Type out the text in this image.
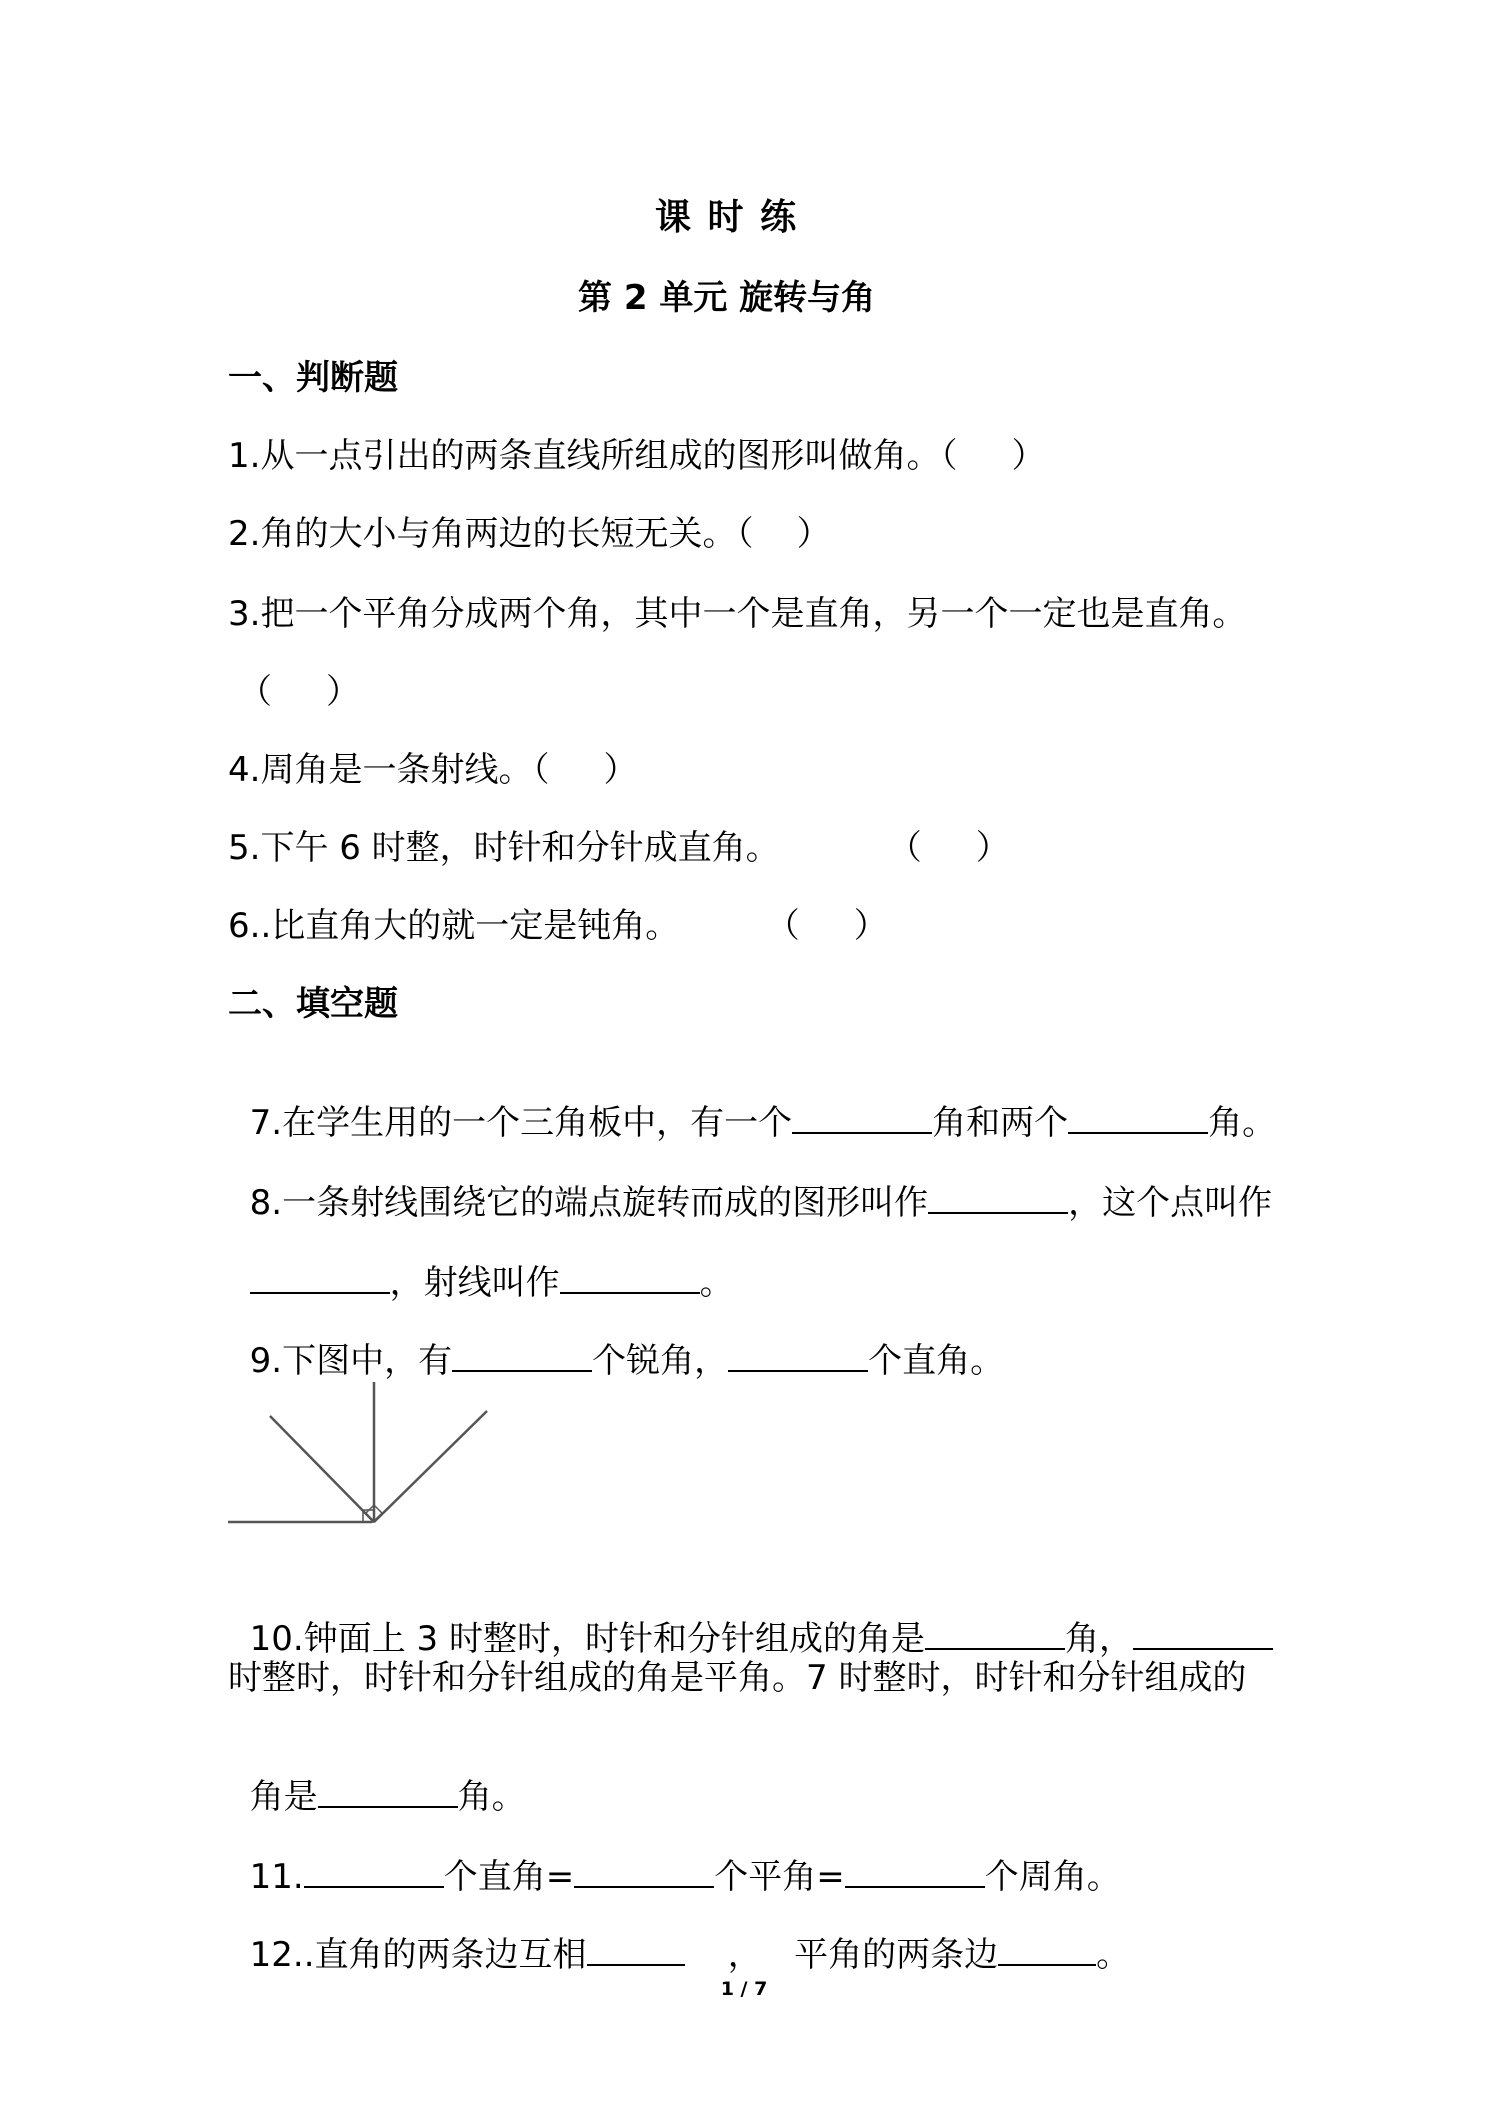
课 时 练
第 2 单元 旋转与角
一、判断题
1.从一点引出的两条直线所组成的图形叫做角。（     ）
2.角的大小与角两边的长短无关。（    ）
3.把一个平角分成两个角，其中一个是直角，另一个一定也是直角。
（     ）
4.周角是一条射线。（     ）
5.下午 6 时整，时针和分针成直角。          （     ）
6..比直角大的就一定是钝角。        （     ）
二、填空题

7.在学生用的一个三角板中，有一个	角和两个	角。

8.一条射线围绕它的端点旋转而成的图形叫作	，这个点叫作

，射线叫作	。

9.下图中，有	个锐角，	个直角。

10.钟面上 3 时整时，时针和分针组成的角是	角，

时整时，时针和分针组成的角是平角。7 时整时，时针和分针组成的

角是	角。

11.	个直角=	个平角=	个周角。

12..直角的两条边互相	，   平角的两条边	。

1 / 7
